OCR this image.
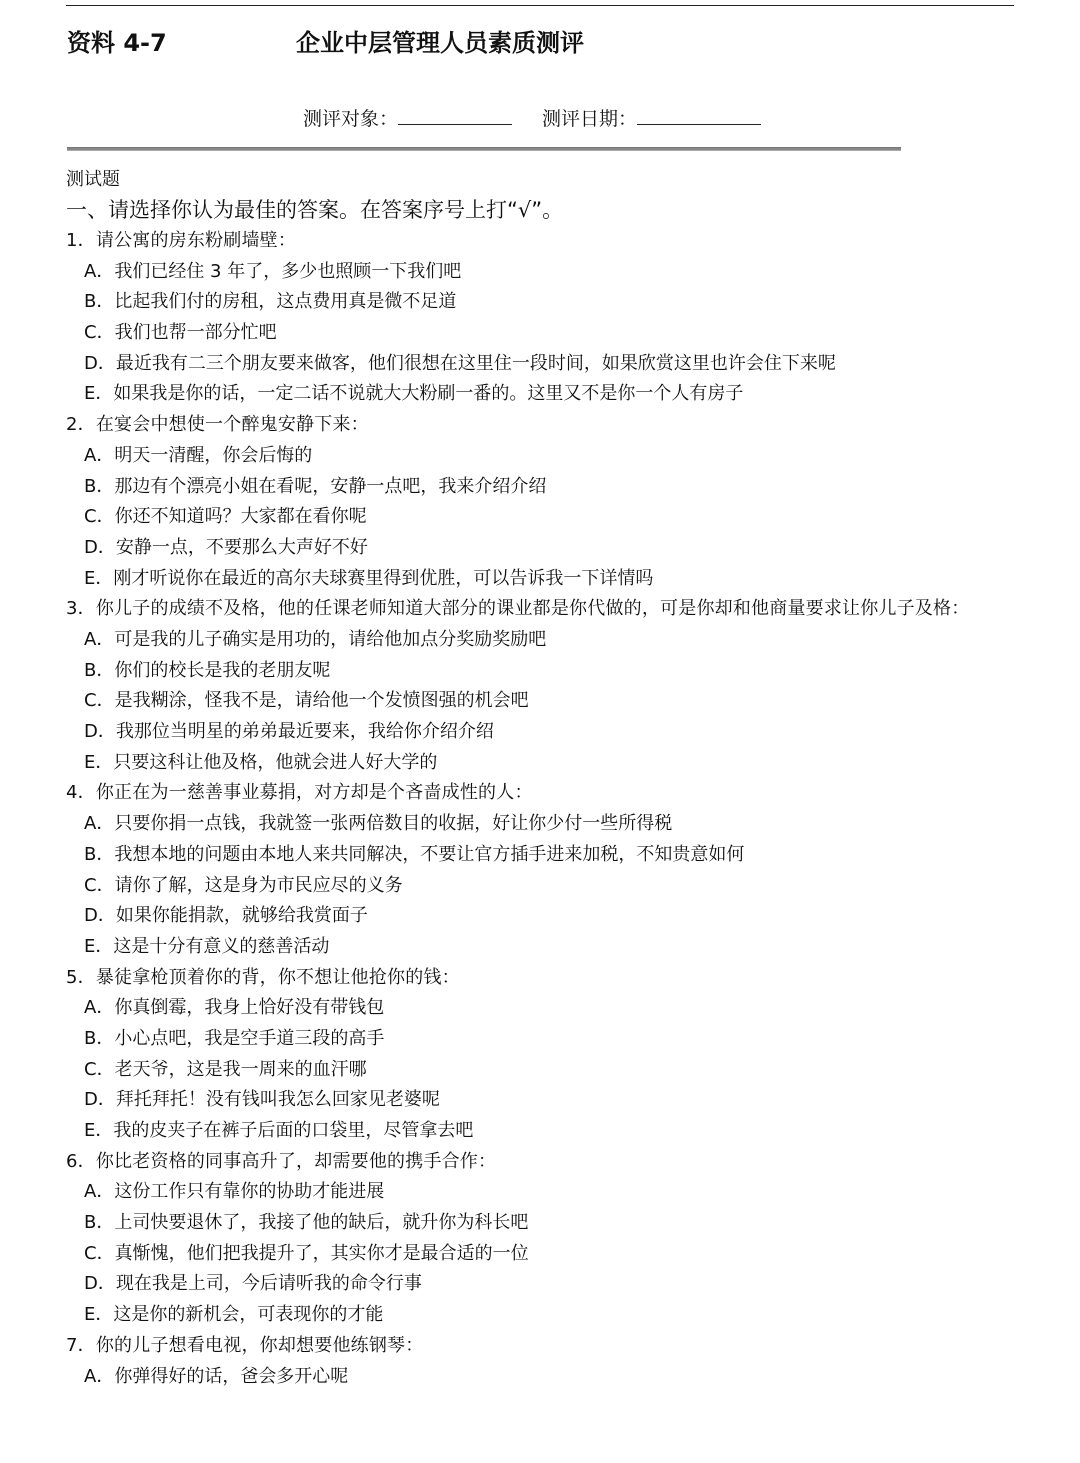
资料 4-7	企业中层管理人员素质测评
测评对象：	测评日期：
测试题
一、请选择你认为最佳的答案。在答案序号上打“√”。
1．请公寓的房东粉刷墙壁：
A．我们已经住 3 年了，多少也照顾一下我们吧
B．比起我们付的房租，这点费用真是微不足道
C．我们也帮一部分忙吧
D．最近我有二三个朋友要来做客，他们很想在这里住一段时间，如果欣赏这里也许会住下来呢
E．如果我是你的话，一定二话不说就大大粉刷一番的。这里又不是你一个人有房子
2．在宴会中想使一个醉鬼安静下来：
A．明天一清醒，你会后悔的
B．那边有个漂亮小姐在看呢，安静一点吧，我来介绍介绍
C．你还不知道吗？大家都在看你呢
D．安静一点，不要那么大声好不好
E．刚才听说你在最近的高尔夫球赛里得到优胜，可以告诉我一下详情吗
3．你儿子的成绩不及格，他的任课老师知道大部分的课业都是你代做的，可是你却和他商量要求让你儿子及格：
A．可是我的儿子确实是用功的，请给他加点分奖励奖励吧
B．你们的校长是我的老朋友呢
C．是我糊涂，怪我不是，请给他一个发愤图强的机会吧
D．我那位当明星的弟弟最近要来，我给你介绍介绍
E．只要这科让他及格，他就会进人好大学的
4．你正在为一慈善事业募捐，对方却是个吝啬成性的人：
A．只要你捐一点钱，我就签一张两倍数目的收据，好让你少付一些所得税
B．我想本地的问题由本地人来共同解决，不要让官方插手进来加税，不知贵意如何
C．请你了解，这是身为市民应尽的义务
D．如果你能捐款，就够给我赏面子
E．这是十分有意义的慈善活动
5．暴徒拿枪顶着你的背，你不想让他抢你的钱：
A．你真倒霉，我身上恰好没有带钱包
B．小心点吧，我是空手道三段的高手
C．老天爷，这是我一周来的血汗哪
D．拜托拜托！没有钱叫我怎么回家见老婆呢
E．我的皮夹子在裤子后面的口袋里，尽管拿去吧
6．你比老资格的同事高升了，却需要他的携手合作：
A．这份工作只有靠你的协助才能进展
B．上司快要退休了，我接了他的缺后，就升你为科长吧
C．真惭愧，他们把我提升了，其实你才是最合适的一位
D．现在我是上司，今后请听我的命令行事
E．这是你的新机会，可表现你的才能
7．你的儿子想看电视，你却想要他练钢琴：
A．你弹得好的话，爸会多开心呢
